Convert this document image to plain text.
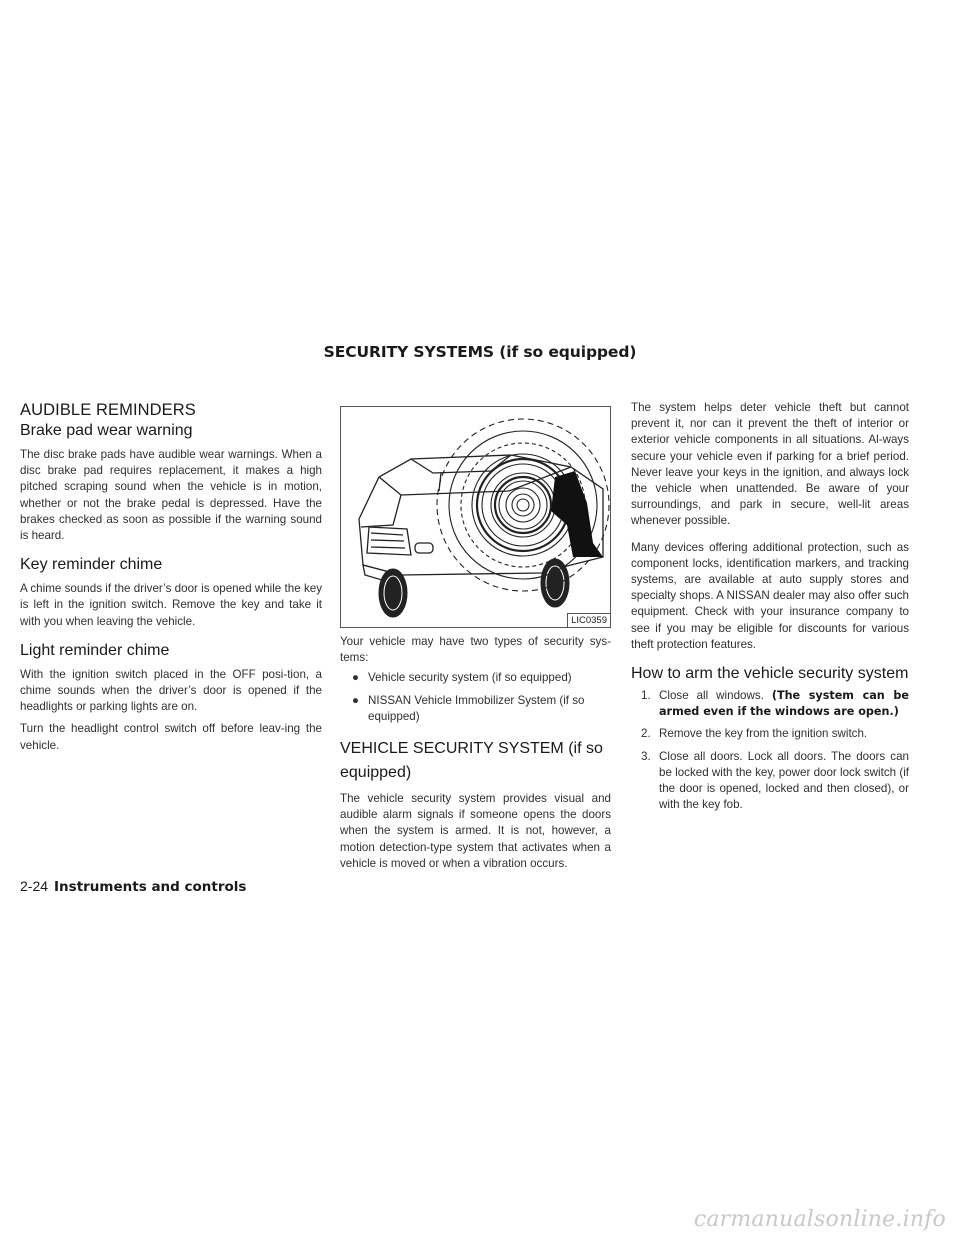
SECURITY SYSTEMS (if so equipped)
AUDIBLE REMINDERS
Brake pad wear warning

The disc brake pads have audible wear warnings. When a disc brake pad requires replacement, it makes a high pitched scraping sound when the vehicle is in motion, whether or not the brake pedal is depressed. Have the brakes checked as soon as possible if the warning sound is heard.

Key reminder chime

A chime sounds if the driver’s door is opened while the key is left in the ignition switch. Remove the key and take it with you when leaving the vehicle.

Light reminder chime

With the ignition switch placed in the OFF posi-tion, a chime sounds when the driver’s door is opened if the headlights or parking lights are on.

Turn the headlight control switch off before leav-ing the vehicle.

LIC0359

Your vehicle may have two types of security sys-tems:

● Vehicle security system (if so equipped)
● NISSAN Vehicle Immobilizer System (if so equipped)
VEHICLE SECURITY SYSTEM (if so equipped)

The vehicle security system provides visual and audible alarm signals if someone opens the doors when the system is armed. It is not, however, a motion detection-type system that activates when a vehicle is moved or when a vibration occurs.

The system helps deter vehicle theft but cannot prevent it, nor can it prevent the theft of interior or exterior vehicle components in all situations. Al-ways secure your vehicle even if parking for a brief period. Never leave your keys in the ignition, and always lock the vehicle when unattended. Be aware of your surroundings, and park in secure, well-lit areas whenever possible.

Many devices offering additional protection, such as component locks, identification markers, and tracking systems, are available at auto supply stores and specialty shops. A NISSAN dealer may also offer such equipment. Check with your insurance company to see if you may be eligible for discounts for various theft protection features.

How to arm the vehicle security system
1. Close all windows. (The system can be armed even if the windows are open.)
2. Remove the key from the ignition switch.
3. Close all doors. Lock all doors. The doors can be locked with the key, power door lock switch (if the door is opened, locked and then closed), or with the key fob.
2-24 Instruments and controls
carmanualsonline.info
